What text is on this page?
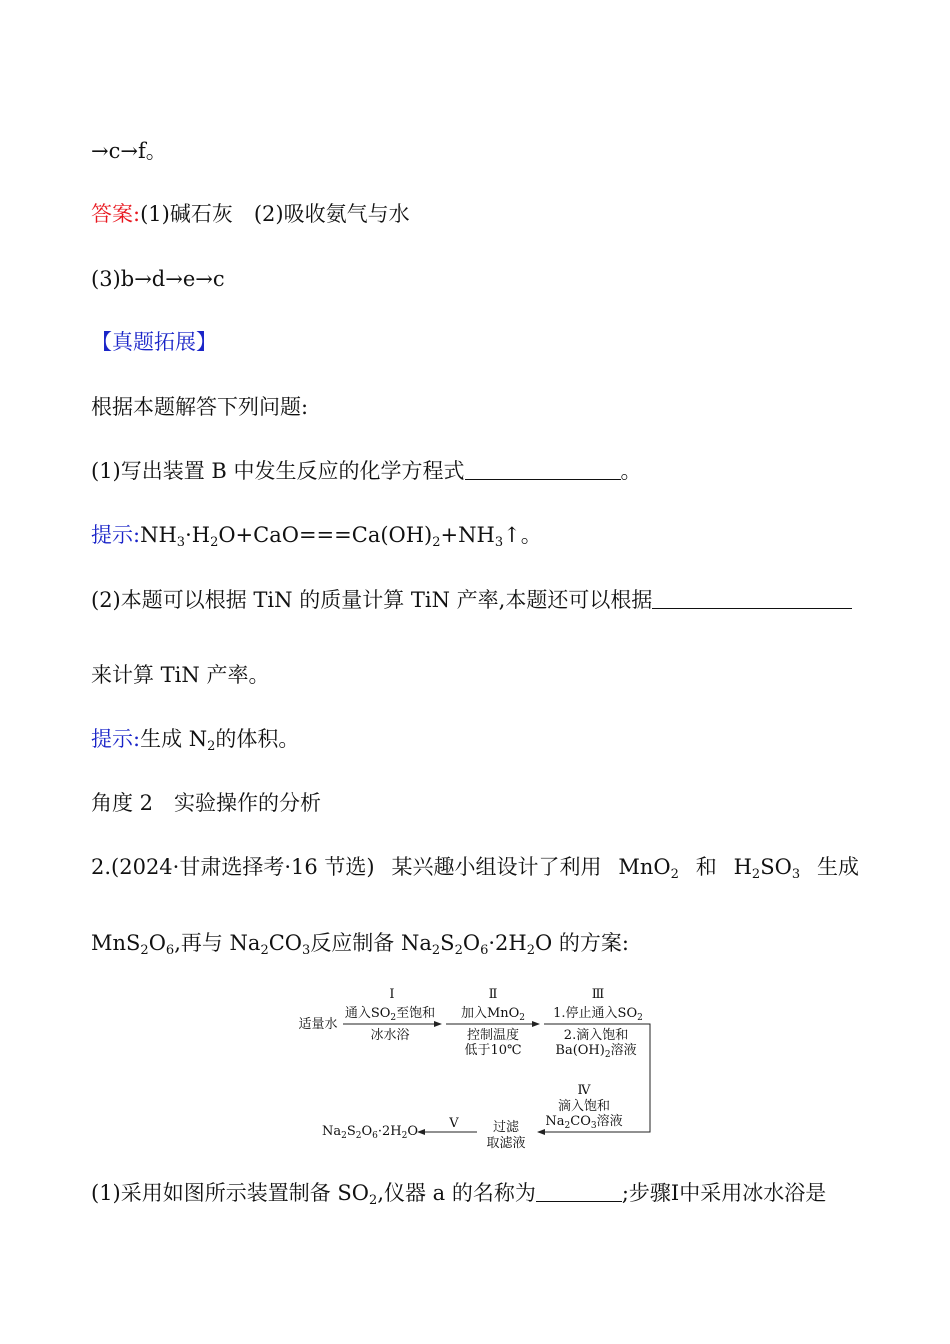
→c→f。
答案:(1)碱石灰　(2)吸收氨气与水
(3)b→d→e→c
【真题拓展】
根据本题解答下列问题:
(1)写出装置 B 中发生反应的化学方程式	。
提示$:NH_3\cdot H_2O+CaO===Ca(OH)_2+NH_3↑$。
(2)本题可以根据 TiN 的质量计算 TiN 产率,本题还可以根据
来计算 TiN 产率。
提示:生成 $N_2$的体积。
角度 2　实验操作的分析
2.(2024·甘肃选择考·16 节选) 某兴趣小组设计了利用 MnO$_2$ 和 $H_2SO_3$ 生成
$MnS_2O_6$,再与 $Na_2CO_3$反应制备 $Na_2S_2O_6\cdot 2H_2O$ 的方案:
适量水
Ⅰ
通入$SO_2$至饱和
冰水浴
Ⅱ
加入MnO$_2$
控制温度
低于10℃
Ⅲ
1.停止通入$SO_2$
2.滴入饱和
$Ba(OH)_2$溶液
Ⅳ
滴入饱和
$Na_2CO_3$溶液
过滤
取滤液
Ⅴ
$Na_2S_2O_6\cdot 2H_2O$
(1)采用如图所示装置制备 $SO_2$,仪器 a 的名称为	;步骤Ⅰ中采用冰水浴是
